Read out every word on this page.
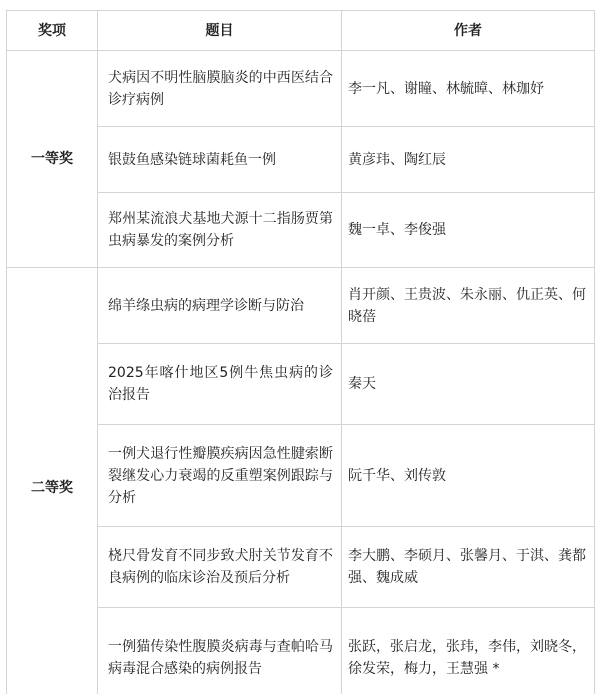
奖项	题目	作者
一等奖	犬病因不明性脑膜脑炎的中西医结合诊疗病例	李一凡、谢瞳、林毓暲、林珈妤
	银鼓鱼感染链球菌耗鱼一例	黄彦玮、陶红辰
	郑州某流浪犬基地犬源十二指肠贾第虫病暴发的案例分析	魏一卓、李俊强
二等奖	绵羊绦虫病的病理学诊断与防治	肖开颜、王贵波、朱永丽、仇正英、何晓蓓
	2025年喀什地区5例牛焦虫病的诊治报告	秦天
	一例犬退行性瓣膜疾病因急性腱索断裂继发心力衰竭的反重塑案例跟踪与分析	阮千华、刘传敦
	桡尺骨发育不同步致犬肘关节发育不良病例的临床诊治及预后分析	李大鹏、李硕月、张馨月、于淇、龚都强、魏成威
	一例猫传染性腹膜炎病毒与查帕哈马病毒混合感染的病例报告	张跃，张启龙，张玮，李伟，刘晓冬，徐发荣，梅力，王慧强 *
